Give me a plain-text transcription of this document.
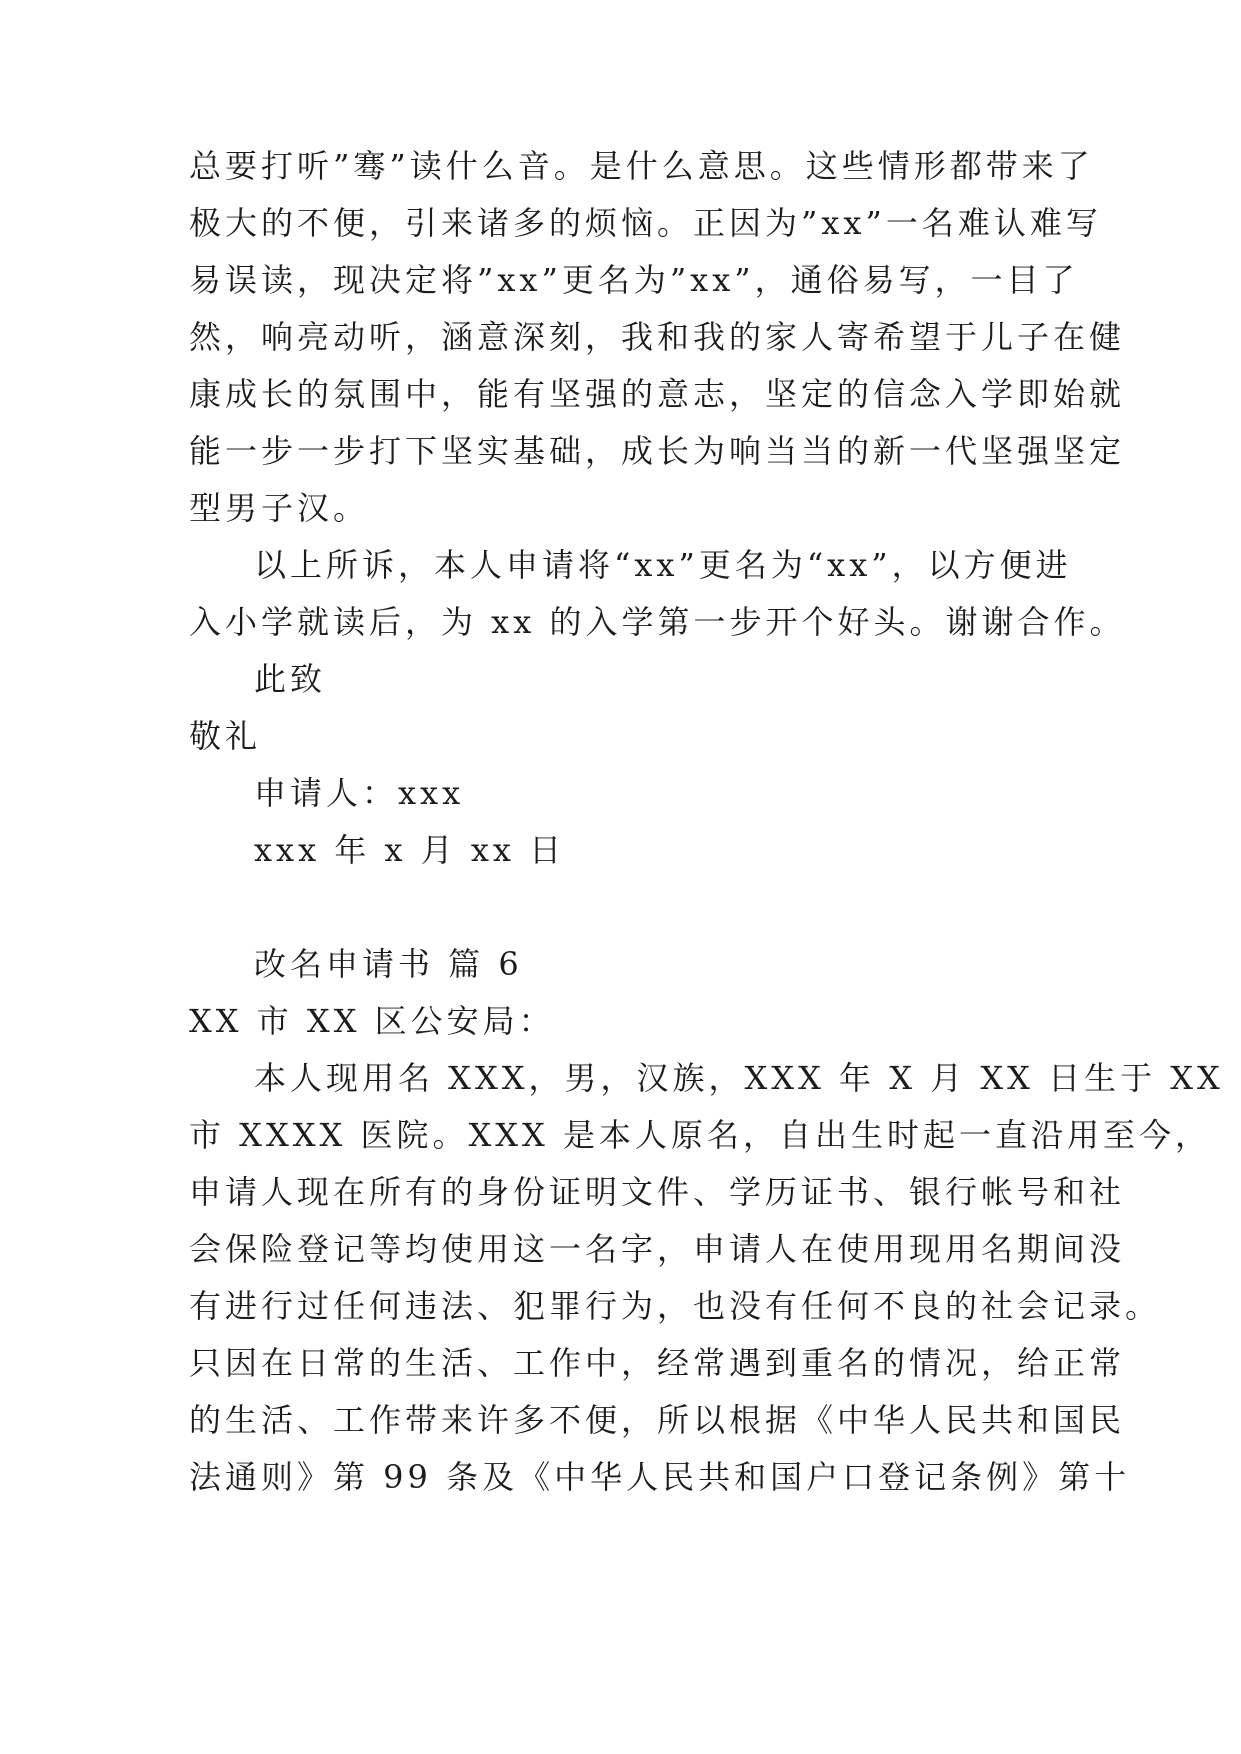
总要打听”骞”读什么音。是什么意思。这些情形都带来了
极大的不便，引来诸多的烦恼。正因为”xx”一名难认难写
易误读，现决定将”xx”更名为”xx”，通俗易写，一目了
然，响亮动听，涵意深刻，我和我的家人寄希望于儿子在健
康成长的氛围中，能有坚强的意志，坚定的信念入学即始就
能一步一步打下坚实基础，成长为响当当的新一代坚强坚定
型男子汉。
以上所诉，本人申请将“xx”更名为“xx”，以方便进
入小学就读后，为 xx 的入学第一步开个好头。谢谢合作。
此致
敬礼
申请人：xxx
xxx 年 x 月 xx 日
改名申请书 篇 6
XX 市 XX 区公安局：
本人现用名 XXX，男，汉族，XXX 年 X 月 XX 日生于 XX
市 XXXX 医院。XXX 是本人原名，自出生时起一直沿用至今，
申请人现在所有的身份证明文件、学历证书、银行帐号和社
会保险登记等均使用这一名字，申请人在使用现用名期间没
有进行过任何违法、犯罪行为，也没有任何不良的社会记录。
只因在日常的生活、工作中，经常遇到重名的情况，给正常
的生活、工作带来许多不便，所以根据《中华人民共和国民
法通则》第 99 条及《中华人民共和国户口登记条例》第十
